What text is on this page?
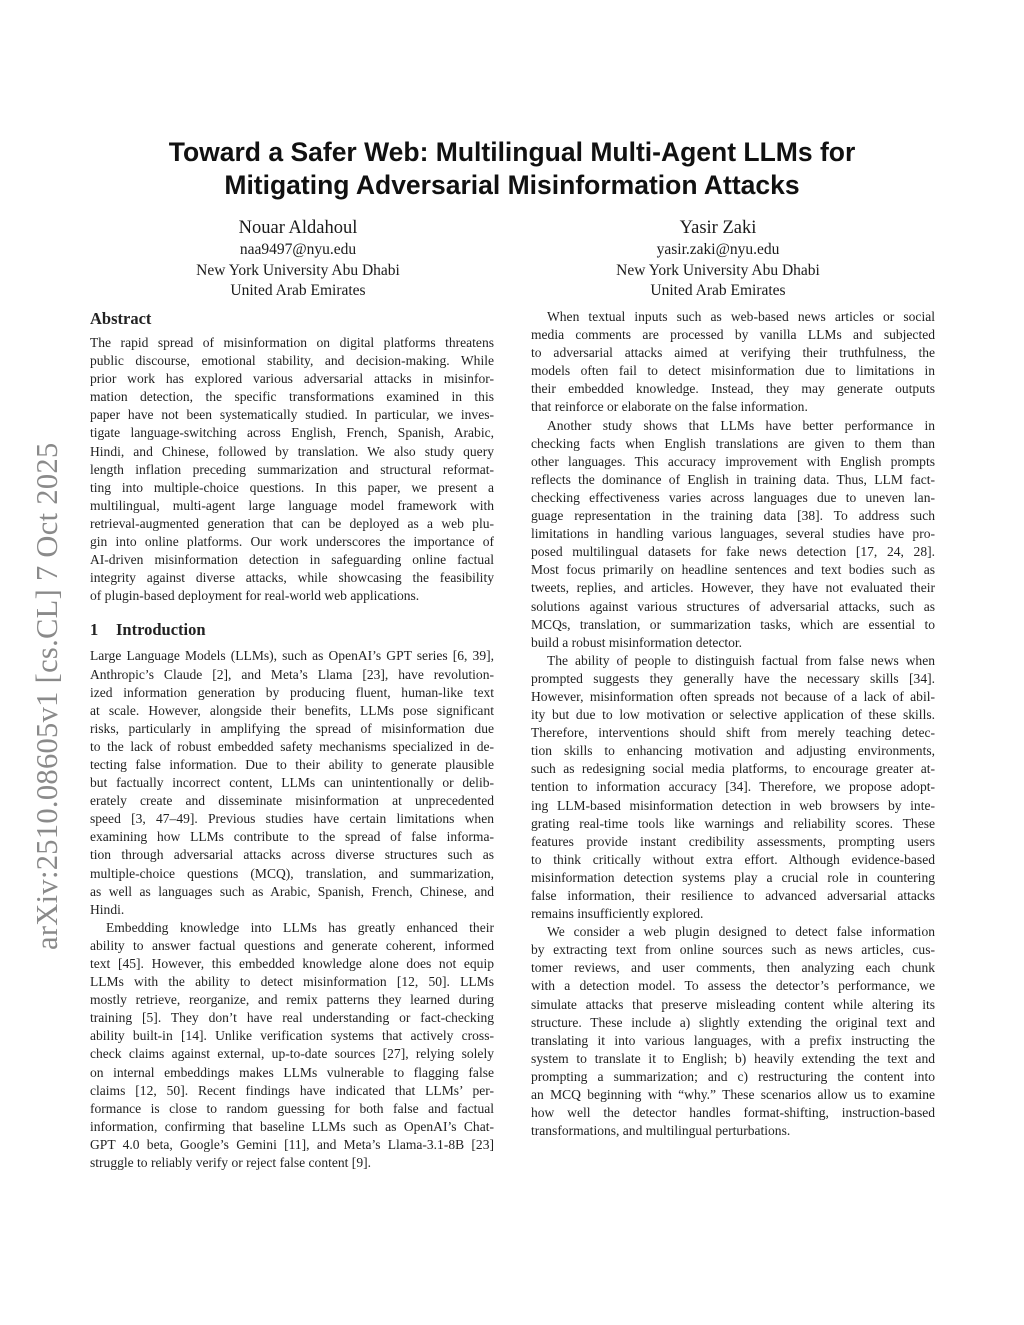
arXiv:2510.08605v1 [cs.CL] 7 Oct 2025
Toward a Safer Web: Multilingual Multi-Agent LLMs for
Mitigating Adversarial Misinformation Attacks
Nouar Aldahoul
naa9497@nyu.edu
New York University Abu Dhabi
United Arab Emirates
Yasir Zaki
yasir.zaki@nyu.edu
New York University Abu Dhabi
United Arab Emirates
Abstract
The rapid spread of misinformation on digital platforms threatens
public discourse, emotional stability, and decision-making. While
prior work has explored various adversarial attacks in misinfor-
mation detection, the specific transformations examined in this
paper have not been systematically studied. In particular, we inves-
tigate language-switching across English, French, Spanish, Arabic,
Hindi, and Chinese, followed by translation. We also study query
length inflation preceding summarization and structural reformat-
ting into multiple-choice questions. In this paper, we present a
multilingual, multi-agent large language model framework with
retrieval-augmented generation that can be deployed as a web plu-
gin into online platforms. Our work underscores the importance of
AI-driven misinformation detection in safeguarding online factual
integrity against diverse attacks, while showcasing the feasibility
of plugin-based deployment for real-world web applications.
1 Introduction
Large Language Models (LLMs), such as OpenAI’s GPT series [6, 39],
Anthropic’s Claude [2], and Meta’s Llama [23], have revolution-
ized information generation by producing fluent, human-like text
at scale. However, alongside their benefits, LLMs pose significant
risks, particularly in amplifying the spread of misinformation due
to the lack of robust embedded safety mechanisms specialized in de-
tecting false information. Due to their ability to generate plausible
but factually incorrect content, LLMs can unintentionally or delib-
erately create and disseminate misinformation at unprecedented
speed [3, 47–49]. Previous studies have certain limitations when
examining how LLMs contribute to the spread of false informa-
tion through adversarial attacks across diverse structures such as
multiple-choice questions (MCQ), translation, and summarization,
as well as languages such as Arabic, Spanish, French, Chinese, and
Hindi.
Embedding knowledge into LLMs has greatly enhanced their
ability to answer factual questions and generate coherent, informed
text [45]. However, this embedded knowledge alone does not equip
LLMs with the ability to detect misinformation [12, 50]. LLMs
mostly retrieve, reorganize, and remix patterns they learned during
training [5]. They don’t have real understanding or fact-checking
ability built-in [14]. Unlike verification systems that actively cross-
check claims against external, up-to-date sources [27], relying solely
on internal embeddings makes LLMs vulnerable to flagging false
claims [12, 50]. Recent findings have indicated that LLMs’ per-
formance is close to random guessing for both false and factual
information, confirming that baseline LLMs such as OpenAI’s Chat-
GPT 4.0 beta, Google’s Gemini [11], and Meta’s Llama-3.1-8B [23]
struggle to reliably verify or reject false content [9].
When textual inputs such as web-based news articles or social
media comments are processed by vanilla LLMs and subjected
to adversarial attacks aimed at verifying their truthfulness, the
models often fail to detect misinformation due to limitations in
their embedded knowledge. Instead, they may generate outputs
that reinforce or elaborate on the false information.
Another study shows that LLMs have better performance in
checking facts when English translations are given to them than
other languages. This accuracy improvement with English prompts
reflects the dominance of English in training data. Thus, LLM fact-
checking effectiveness varies across languages due to uneven lan-
guage representation in the training data [38]. To address such
limitations in handling various languages, several studies have pro-
posed multilingual datasets for fake news detection [17, 24, 28].
Most focus primarily on headline sentences and text bodies such as
tweets, replies, and articles. However, they have not evaluated their
solutions against various structures of adversarial attacks, such as
MCQs, translation, or summarization tasks, which are essential to
build a robust misinformation detector.
The ability of people to distinguish factual from false news when
prompted suggests they generally have the necessary skills [34].
However, misinformation often spreads not because of a lack of abil-
ity but due to low motivation or selective application of these skills.
Therefore, interventions should shift from merely teaching detec-
tion skills to enhancing motivation and adjusting environments,
such as redesigning social media platforms, to encourage greater at-
tention to information accuracy [34]. Therefore, we propose adopt-
ing LLM-based misinformation detection in web browsers by inte-
grating real-time tools like warnings and reliability scores. These
features provide instant credibility assessments, prompting users
to think critically without extra effort. Although evidence-based
misinformation detection systems play a crucial role in countering
false information, their resilience to advanced adversarial attacks
remains insufficiently explored.
We consider a web plugin designed to detect false information
by extracting text from online sources such as news articles, cus-
tomer reviews, and user comments, then analyzing each chunk
with a detection model. To assess the detector’s performance, we
simulate attacks that preserve misleading content while altering its
structure. These include a) slightly extending the original text and
translating it into various languages, with a prefix instructing the
system to translate it to English; b) heavily extending the text and
prompting a summarization; and c) restructuring the content into
an MCQ beginning with “why.” These scenarios allow us to examine
how well the detector handles format-shifting, instruction-based
transformations, and multilingual perturbations.
